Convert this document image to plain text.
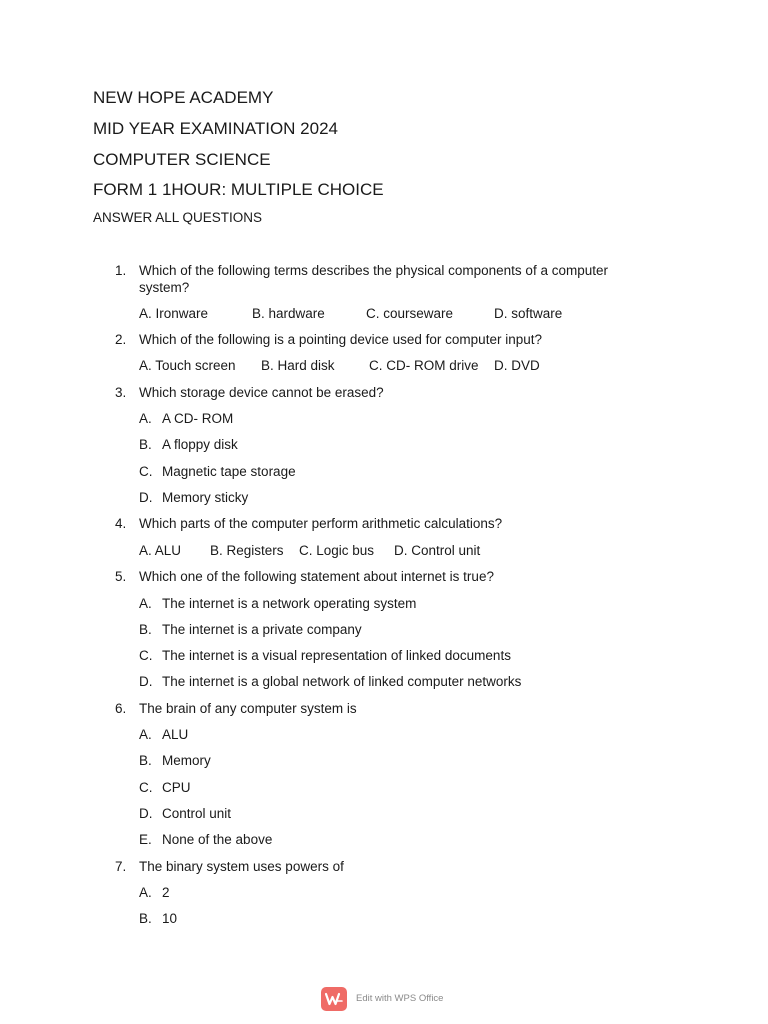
NEW HOPE ACADEMY
MID YEAR EXAMINATION 2024
COMPUTER SCIENCE
FORM 1 1HOUR: MULTIPLE CHOICE

ANSWER ALL QUESTIONS

1. Which of the following terms describes the physical components of a computer system?
A. Ironware	B. hardware	C. courseware	D. software
2. Which of the following is a pointing device used for computer input?
A. Touch screen B. Hard disk	C. CD- ROM drive D. DVD
3. Which storage device cannot be erased?
A. A CD- ROM
B. A floppy disk
C. Magnetic tape storage
D. Memory sticky
4. Which parts of the computer perform arithmetic calculations?
A. ALU B. Registers C. Logic bus D. Control unit
5. Which one of the following statement about internet is true?
A. The internet is a network operating system
B. The internet is a private company
C. The internet is a visual representation of linked documents
D. The internet is a global network of linked computer networks
6. The brain of any computer system is
A. ALU
B. Memory
C. CPU
D. Control unit
E. None of the above
7. The binary system uses powers of
A. 2
B. 10
Edit with WPS Office
